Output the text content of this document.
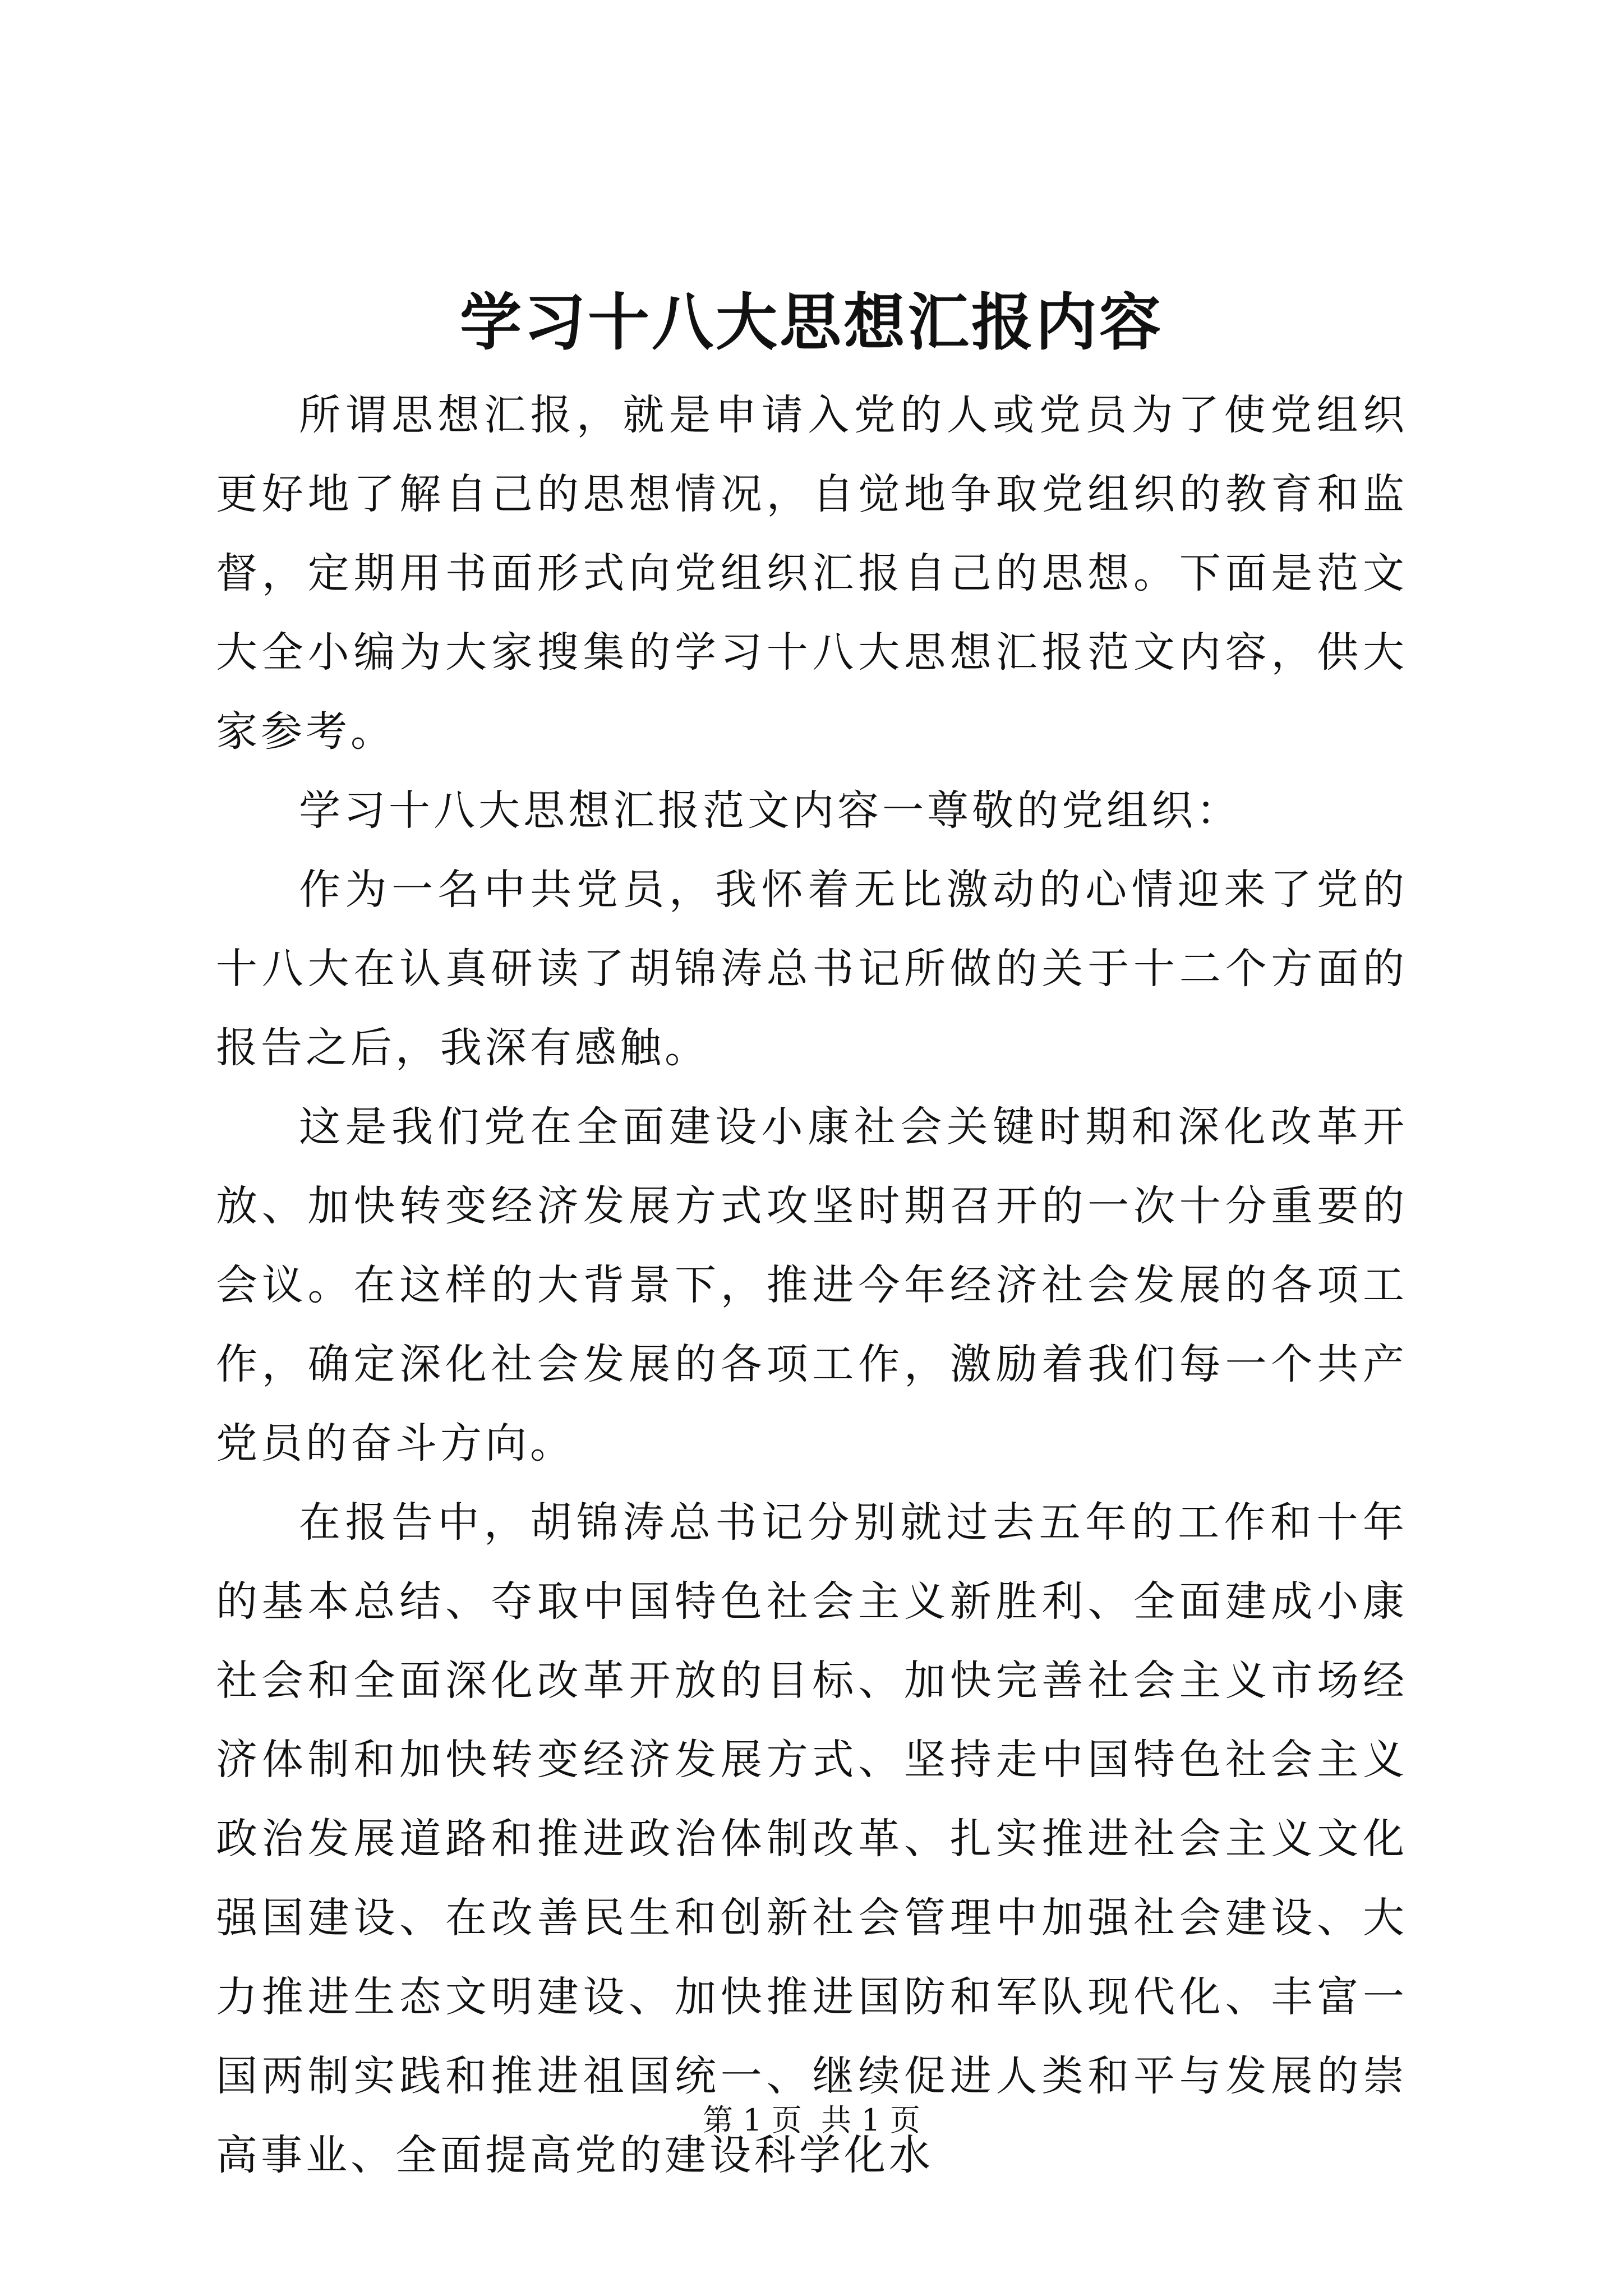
学习十八大思想汇报内容

所谓思想汇报，就是申请入党的人或党员为了使党组织更好地了解自己的思想情况，自觉地争取党组织的教育和监督，定期用书面形式向党组织汇报自己的思想。下面是范文大全小编为大家搜集的学习十八大思想汇报范文内容，供大家参考。

学习十八大思想汇报范文内容一尊敬的党组织：

作为一名中共党员，我怀着无比激动的心情迎来了党的十八大在认真研读了胡锦涛总书记所做的关于十二个方面的报告之后，我深有感触。

这是我们党在全面建设小康社会关键时期和深化改革开放、加快转变经济发展方式攻坚时期召开的一次十分重要的会议。在这样的大背景下，推进今年经济社会发展的各项工作，确定深化社会发展的各项工作，激励着我们每一个共产党员的奋斗方向。

在报告中，胡锦涛总书记分别就过去五年的工作和十年的基本总结、夺取中国特色社会主义新胜利、全面建成小康社会和全面深化改革开放的目标、加快完善社会主义市场经济体制和加快转变经济发展方式、坚持走中国特色社会主义政治发展道路和推进政治体制改革、扎实推进社会主义文化强国建设、在改善民生和创新社会管理中加强社会建设、大力推进生态文明建设、加快推进国防和军队现代化、丰富一国两制实践和推进祖国统一、继续促进人类和平与发展的崇高事业、全面提高党的建设科学化水

第 1 页  共 1 页
